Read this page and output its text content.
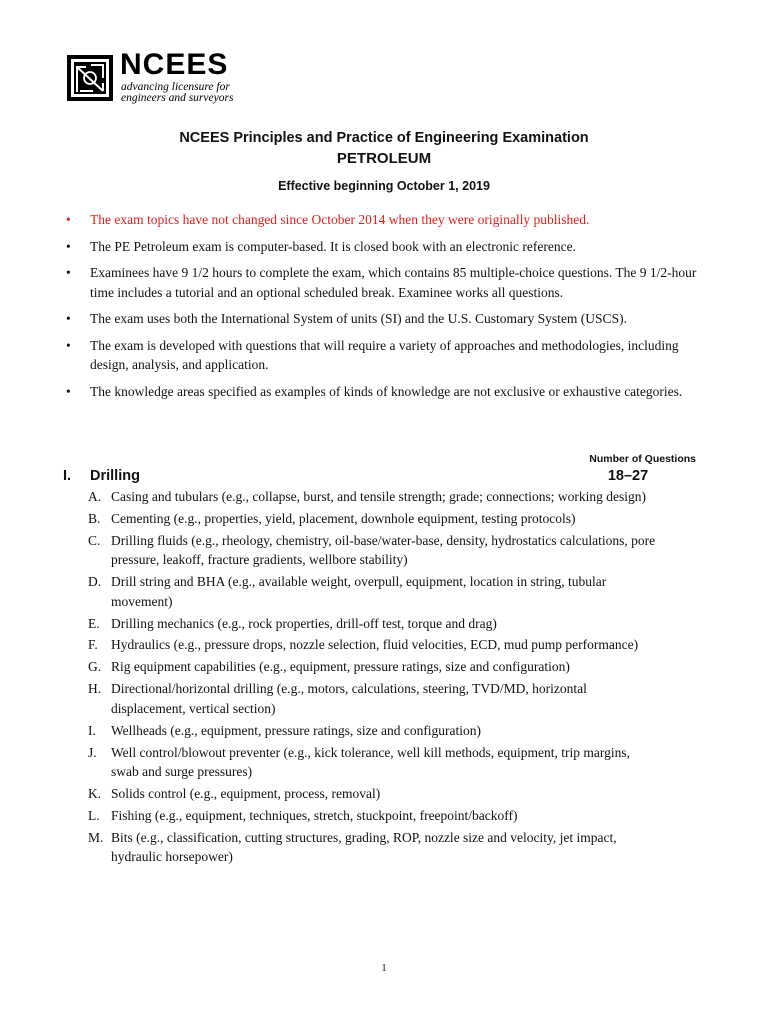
NCEES
advancing licensure for
engineers and surveyors
NCEES Principles and Practice of Engineering Examination
PETROLEUM
Effective beginning October 1, 2019
• The exam topics have not changed since October 2014 when they were originally published.
• The PE Petroleum exam is computer-based. It is closed book with an electronic reference.
• Examinees have 9 1/2 hours to complete the exam, which contains 85 multiple-choice questions. The 9 1/2-hour time includes a tutorial and an optional scheduled break. Examinee works all questions.
• The exam uses both the International System of units (SI) and the U.S. Customary System (USCS).
• The exam is developed with questions that will require a variety of approaches and methodologies, including design, analysis, and application.
• The knowledge areas specified as examples of kinds of knowledge are not exclusive or exhaustive categories.
Number of Questions
I. Drilling	18–27
A. Casing and tubulars (e.g., collapse, burst, and tensile strength; grade; connections; working design)
B. Cementing (e.g., properties, yield, placement, downhole equipment, testing protocols)
C. Drilling fluids (e.g., rheology, chemistry, oil-base/water-base, density, hydrostatics calculations, pore pressure, leakoff, fracture gradients, wellbore stability)
D. Drill string and BHA (e.g., available weight, overpull, equipment, location in string, tubular movement)
E. Drilling mechanics (e.g., rock properties, drill-off test, torque and drag)
F. Hydraulics (e.g., pressure drops, nozzle selection, fluid velocities, ECD, mud pump performance)
G. Rig equipment capabilities (e.g., equipment, pressure ratings, size and configuration)
H. Directional/horizontal drilling (e.g., motors, calculations, steering, TVD/MD, horizontal displacement, vertical section)
I. Wellheads (e.g., equipment, pressure ratings, size and configuration)
J. Well control/blowout preventer (e.g., kick tolerance, well kill methods, equipment, trip margins, swab and surge pressures)
K. Solids control (e.g., equipment, process, removal)
L. Fishing (e.g., equipment, techniques, stretch, stuckpoint, freepoint/backoff)
M. Bits (e.g., classification, cutting structures, grading, ROP, nozzle size and velocity, jet impact, hydraulic horsepower)
1
